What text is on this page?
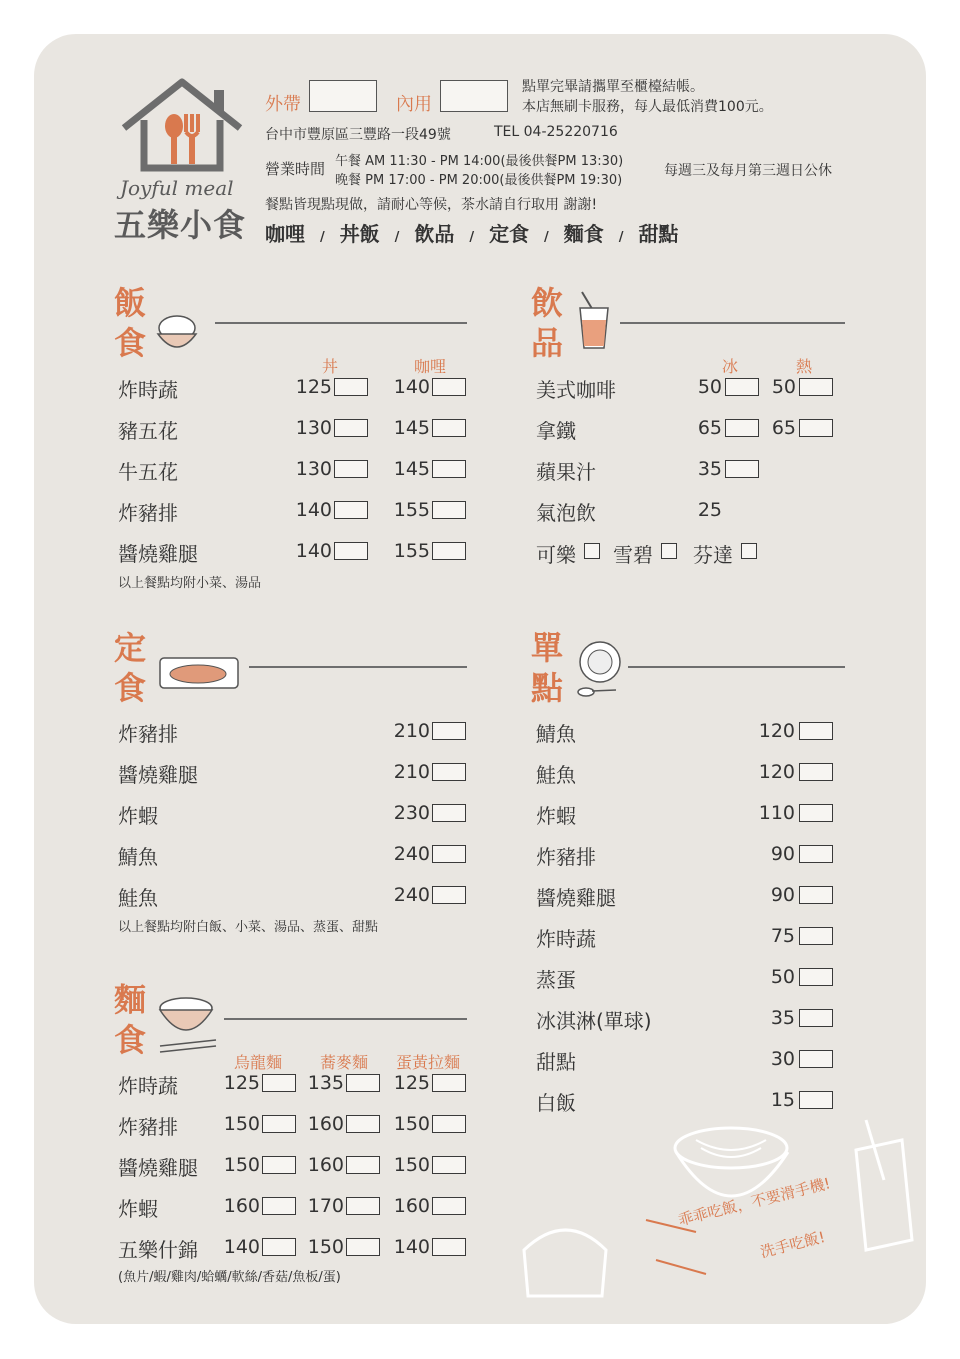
Joyful meal
五樂小食
外帶	內用
點單完畢請攜單至櫃檯結帳。
本店無刷卡服務，每人最低消費100元。
台中市豐原區三豐路一段49號	TEL 04-25220716
營業時間 午餐 AM 11:30 - PM 14:00(最後供餐PM 13:30)
晚餐 PM 17:00 - PM 20:00(最後供餐PM 19:30)
每週三及每月第三週日公休
餐點皆現點現做，請耐心等候，茶水請自行取用 謝謝!
咖哩 / 丼飯 / 飲品 / 定食 / 麵食 / 甜點
飯
食
丼	咖哩
以上餐點均附小菜、湯品
飲
品
冰	熱
定
食
以上餐點均附白飯、小菜、湯品、蒸蛋、甜點
單
點
麵
食
烏龍麵 蕎麥麵 蛋黃拉麵
(魚片/蝦/雞肉/蛤蠣/軟絲/香菇/魚板/蛋)
乖乖吃飯，不要滑手機!
洗手吃飯!
炸時蔬	125	140
豬五花	130	145
牛五花	130	145
炸豬排	140	155
醬燒雞腿	140	155
美式咖啡	50	50
拿鐵	65	65
蘋果汁	35
氣泡飲	25
可樂 雪碧 芬達
炸豬排	210
醬燒雞腿	210
炸蝦	230
鯖魚	240
鮭魚	240
鯖魚	120
鮭魚	120
炸蝦	110
炸豬排	90
醬燒雞腿	90
炸時蔬	75
蒸蛋	50
冰淇淋(單球)	35
甜點	30
白飯	15
炸時蔬 125	135	125
炸豬排 150	160	150
醬燒雞腿 150	160	150
炸蝦	160	170	160
五樂什錦 140	150	140
